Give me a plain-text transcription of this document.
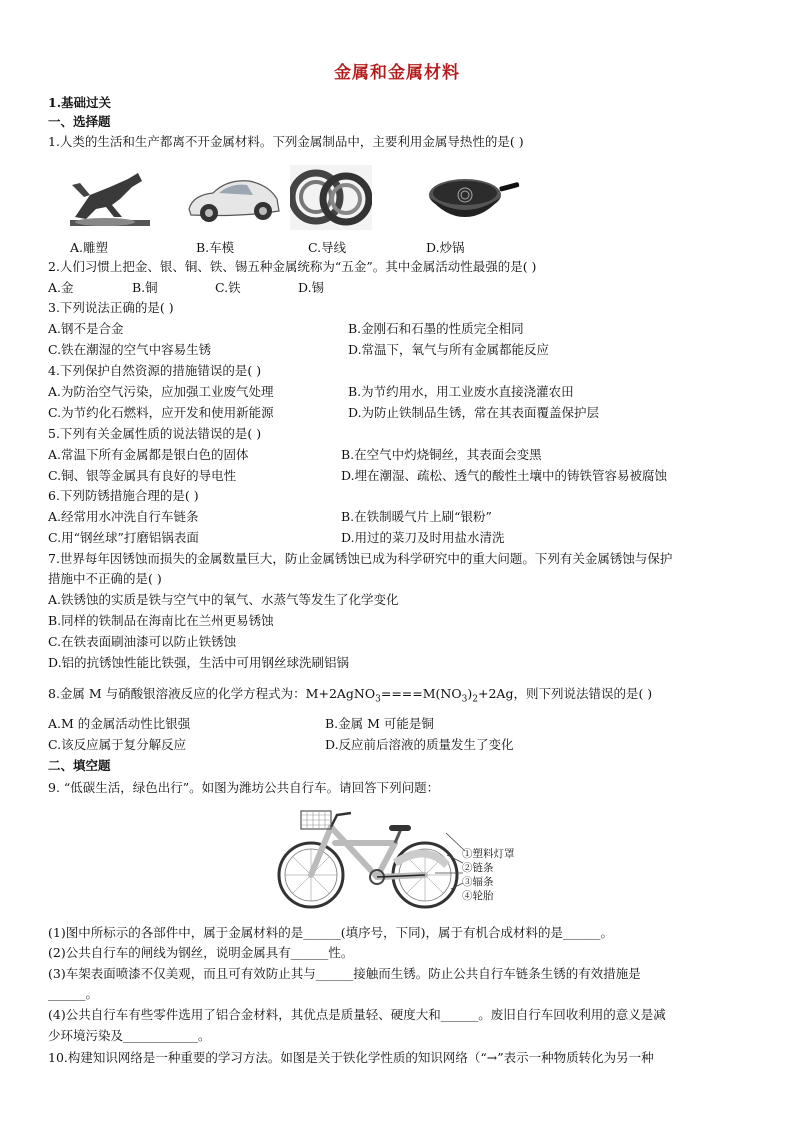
金属和金属材料
1.基础过关
一、选择题
1.人类的生活和生产都离不开金属材料。下列金属制品中，主要利用金属导热性的是( )
A.雕塑	B.车模	C.导线	D.炒锅
2.人们习惯上把金、银、铜、铁、锡五种金属统称为“五金”。其中金属活动性最强的是( )
A.金	B.铜	C.铁	D.锡
3.下列说法正确的是( )
A.钢不是合金	B.金刚石和石墨的性质完全相同
C.铁在潮湿的空气中容易生锈	D.常温下，氧气与所有金属都能反应
4.下列保护自然资源的措施错误的是( )
A.为防治空气污染，应加强工业废气处理	B.为节约用水，用工业废水直接浇灌农田
C.为节约化石燃料，应开发和使用新能源	D.为防止铁制品生锈，常在其表面覆盖保护层
5.下列有关金属性质的说法错误的是( )
A.常温下所有金属都是银白色的固体	B.在空气中灼烧铜丝，其表面会变黑
C.铜、银等金属具有良好的导电性	D.埋在潮湿、疏松、透气的酸性土壤中的铸铁管容易被腐蚀
6.下列防锈措施合理的是( )
A.经常用水冲洗自行车链条	B.在铁制暖气片上刷“银粉”
C.用“钢丝球”打磨铝锅表面	D.用过的菜刀及时用盐水清洗
7.世界每年因锈蚀而损失的金属数量巨大，防止金属锈蚀已成为科学研究中的重大问题。下列有关金属锈蚀与保护
措施中不正确的是( )
A.铁锈蚀的实质是铁与空气中的氧气、水蒸气等发生了化学变化
B.同样的铁制品在海南比在兰州更易锈蚀
C.在铁表面刷油漆可以防止铁锈蚀
D.铝的抗锈蚀性能比铁强，生活中可用钢丝球洗刷铝锅
8.金属 M 与硝酸银溶液反应的化学方程式为：$M+2AgNO_3====M(NO_3)_2+2Ag$，则下列说法错误的是( )
A.M 的金属活动性比银强	B.金属 M 可能是铜
C.该反应属于复分解反应	D.反应前后溶液的质量发生了变化
二、填空题
9. “低碳生活，绿色出行”。如图为潍坊公共自行车。请回答下列问题：
①塑料灯罩
②链条
③辐条
④轮胎
(1)图中所标示的各部件中，属于金属材料的是______(填序号，下同)，属于有机合成材料的是______。
(2)公共自行车的闸线为钢丝，说明金属具有______性。
(3)车架表面喷漆不仅美观，而且可有效防止其与______接触而生锈。防止公共自行车链条生锈的有效措施是
______。
(4)公共自行车有些零件选用了铝合金材料，其优点是质量轻、硬度大和______。废旧自行车回收利用的意义是减
少环境污染及____________。
10.构建知识网络是一种重要的学习方法。如图是关于铁化学性质的知识网络（“→”表示一种物质转化为另一种
